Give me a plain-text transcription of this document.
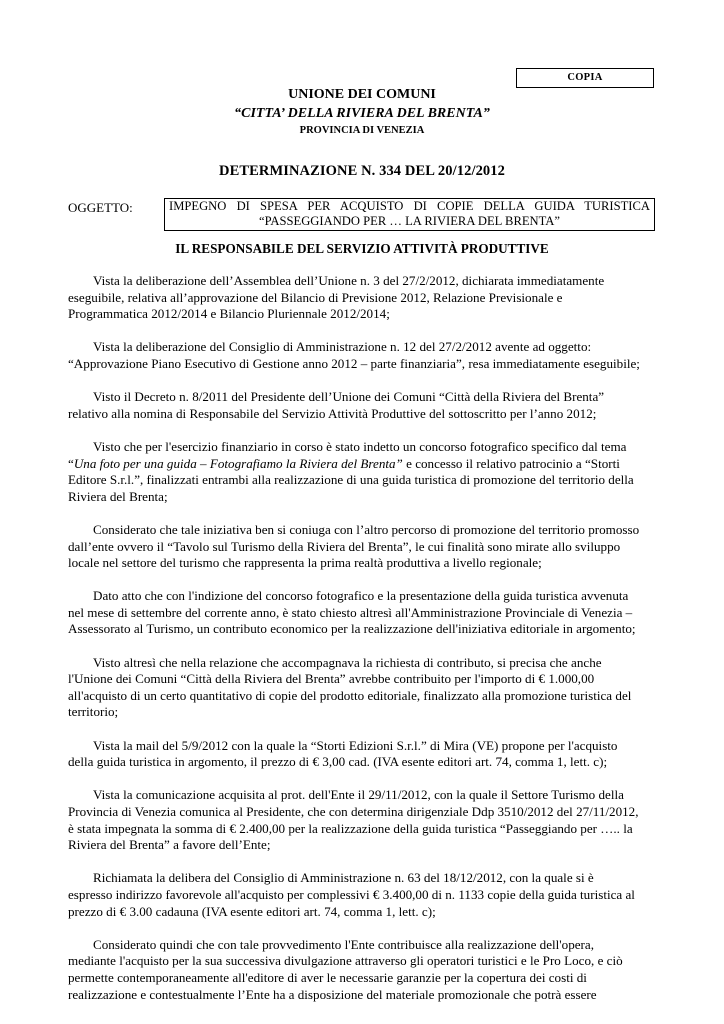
COPIA
UNIONE DEI COMUNI
“CITTA’ DELLA RIVIERA DEL BRENTA”
PROVINCIA DI VENEZIA
DETERMINAZIONE N. 334 DEL 20/12/2012
OGGETTO:	IMPEGNO DI SPESA PER ACQUISTO DI COPIE DELLA GUIDA TURISTICA
“PASSEGGIANDO PER … LA RIVIERA DEL BRENTA”
IL RESPONSABILE DEL SERVIZIO ATTIVITÀ PRODUTTIVE

Vista la deliberazione dell’Assemblea dell’Unione n. 3 del 27/2/2012, dichiarata immediatamente
eseguibile, relativa all’approvazione del Bilancio di Previsione 2012, Relazione Previsionale e
Programmatica 2012/2014 e Bilancio Pluriennale 2012/2014;

Vista la deliberazione del Consiglio di Amministrazione n. 12 del 27/2/2012 avente ad oggetto:
“Approvazione Piano Esecutivo di Gestione anno 2012 – parte finanziaria”, resa immediatamente eseguibile;

Visto il Decreto n. 8/2011 del Presidente dell’Unione dei Comuni “Città della Riviera del Brenta”
relativo alla nomina di Responsabile del Servizio Attività Produttive del sottoscritto per l’anno 2012;

Visto che per l'esercizio finanziario in corso è stato indetto un concorso fotografico specifico dal tema
“Una foto per una guida – Fotografiamo la Riviera del Brenta” e concesso il relativo patrocinio a “Storti
Editore S.r.l.”, finalizzati entrambi alla realizzazione di una guida turistica di promozione del territorio della
Riviera del Brenta;

Considerato che tale iniziativa ben si coniuga con l’altro percorso di promozione del territorio promosso
dall’ente ovvero il “Tavolo sul Turismo della Riviera del Brenta”, le cui finalità sono mirate allo sviluppo
locale nel settore del turismo che rappresenta la prima realtà produttiva a livello regionale;

Dato atto che con l'indizione del concorso fotografico e la presentazione della guida turistica avvenuta
nel mese di settembre del corrente anno, è stato chiesto altresì all'Amministrazione Provinciale di Venezia –
Assessorato al Turismo, un contributo economico per la realizzazione dell'iniziativa editoriale in argomento;

Visto altresì che nella relazione che accompagnava la richiesta di contributo, si precisa che anche
l'Unione dei Comuni “Città della Riviera del Brenta” avrebbe contribuito per l'importo di € 1.000,00
all'acquisto di un certo quantitativo di copie del prodotto editoriale, finalizzato alla promozione turistica del
territorio;

Vista la mail del 5/9/2012 con la quale la “Storti Edizioni S.r.l.” di Mira (VE) propone per l'acquisto
della guida turistica in argomento, il prezzo di € 3,00 cad. (IVA esente editori art. 74, comma 1, lett. c);

Vista la comunicazione acquisita al prot. dell'Ente il 29/11/2012, con la quale il Settore Turismo della
Provincia di Venezia comunica al Presidente, che con determina dirigenziale Ddp 3510/2012 del 27/11/2012,
è stata impegnata la somma di € 2.400,00 per la realizzazione della guida turistica “Passeggiando per ….. la
Riviera del Brenta” a favore dell’Ente;

Richiamata la delibera del Consiglio di Amministrazione n. 63 del 18/12/2012, con la quale si è
espresso indirizzo favorevole all'acquisto per complessivi € 3.400,00 di n. 1133 copie della guida turistica al
prezzo di € 3.00 cadauna (IVA esente editori art. 74, comma 1, lett. c);

Considerato quindi che con tale provvedimento l'Ente contribuisce alla realizzazione dell'opera,
mediante l'acquisto per la sua successiva divulgazione attraverso gli operatori turistici e le Pro Loco, e ciò
permette contemporaneamente all'editore di aver le necessarie garanzie per la copertura dei costi di
realizzazione e contestualmente l’Ente ha a disposizione del materiale promozionale che potrà essere
